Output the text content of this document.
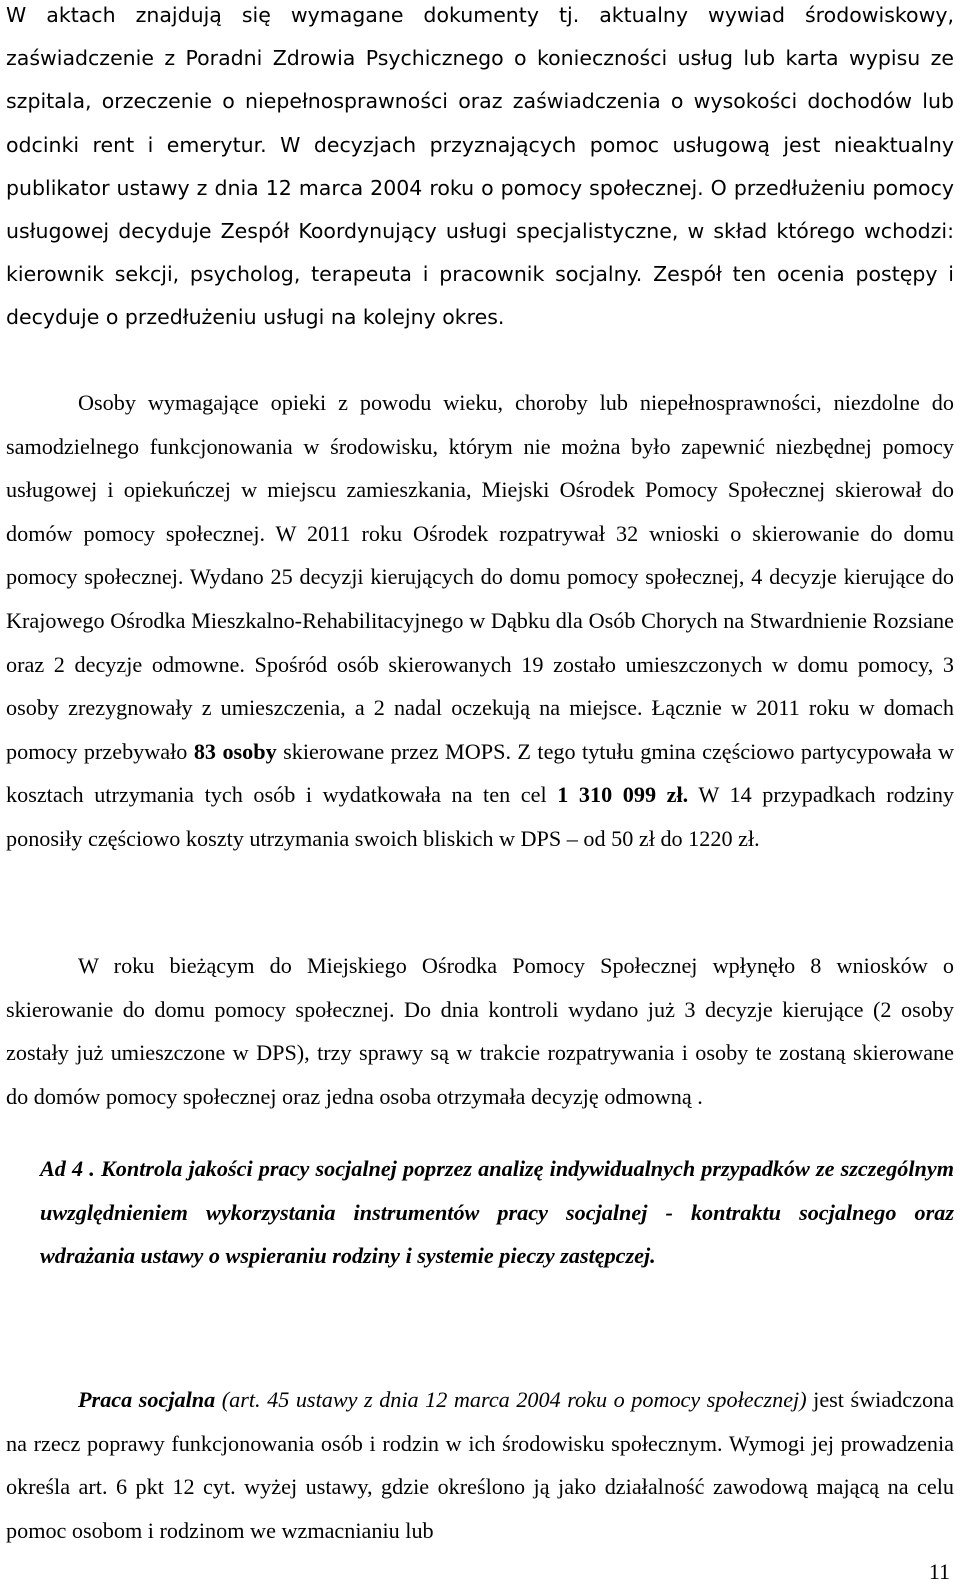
W aktach znajdują się wymagane dokumenty tj. aktualny wywiad środowiskowy, zaświadczenie z Poradni Zdrowia Psychicznego o konieczności usług lub karta wypisu ze szpitala, orzeczenie o niepełnosprawności oraz zaświadczenia o wysokości dochodów lub odcinki rent i emerytur. W decyzjach przyznających pomoc usługową jest nieaktualny publikator ustawy z dnia 12 marca 2004 roku o pomocy społecznej. O przedłużeniu pomocy usługowej decyduje Zespół Koordynujący usługi specjalistyczne, w skład którego wchodzi: kierownik sekcji, psycholog, terapeuta i pracownik socjalny. Zespół ten ocenia postępy i decyduje o przedłużeniu usługi na kolejny okres.

Osoby wymagające opieki z powodu wieku, choroby lub niepełnosprawności, niezdolne do samodzielnego funkcjonowania w środowisku, którym nie można było zapewnić niezbędnej pomocy usługowej i opiekuńczej w miejscu zamieszkania, Miejski Ośrodek Pomocy Społecznej skierował do domów pomocy społecznej. W 2011 roku Ośrodek rozpatrywał 32 wnioski o skierowanie do domu pomocy społecznej. Wydano 25 decyzji kierujących do domu pomocy społecznej, 4 decyzje kierujące do Krajowego Ośrodka Mieszkalno-Rehabilitacyjnego w Dąbku dla Osób Chorych na Stwardnienie Rozsiane oraz 2 decyzje odmowne. Spośród osób skierowanych 19 zostało umieszczonych w domu pomocy, 3 osoby zrezygnowały z umieszczenia, a 2 nadal oczekują na miejsce. Łącznie w 2011 roku w domach pomocy przebywało 83 osoby skierowane przez MOPS. Z tego tytułu gmina częściowo partycypowała w kosztach utrzymania tych osób i wydatkowała na ten cel 1 310 099 zł. W 14 przypadkach rodziny ponosiły częściowo koszty utrzymania swoich bliskich w DPS – od 50 zł do 1220 zł.

W roku bieżącym do Miejskiego Ośrodka Pomocy Społecznej wpłynęło 8 wniosków o skierowanie do domu pomocy społecznej. Do dnia kontroli wydano już 3 decyzje kierujące (2 osoby zostały już umieszczone w DPS), trzy sprawy są w trakcie rozpatrywania i osoby te zostaną skierowane do domów pomocy społecznej oraz jedna osoba otrzymała decyzję odmowną .

Ad 4 . Kontrola jakości pracy socjalnej poprzez analizę indywidualnych przypadków ze szczególnym uwzględnieniem wykorzystania instrumentów pracy socjalnej - kontraktu socjalnego oraz wdrażania ustawy o wspieraniu rodziny i systemie pieczy zastępczej.

Praca socjalna (art. 45 ustawy z dnia 12 marca 2004 roku o pomocy społecznej) jest świadczona na rzecz poprawy funkcjonowania osób i rodzin w ich środowisku społecznym. Wymogi jej prowadzenia określa art. 6 pkt 12 cyt. wyżej ustawy, gdzie określono ją jako działalność zawodową mającą na celu pomoc osobom i rodzinom we wzmacnianiu lub

11
